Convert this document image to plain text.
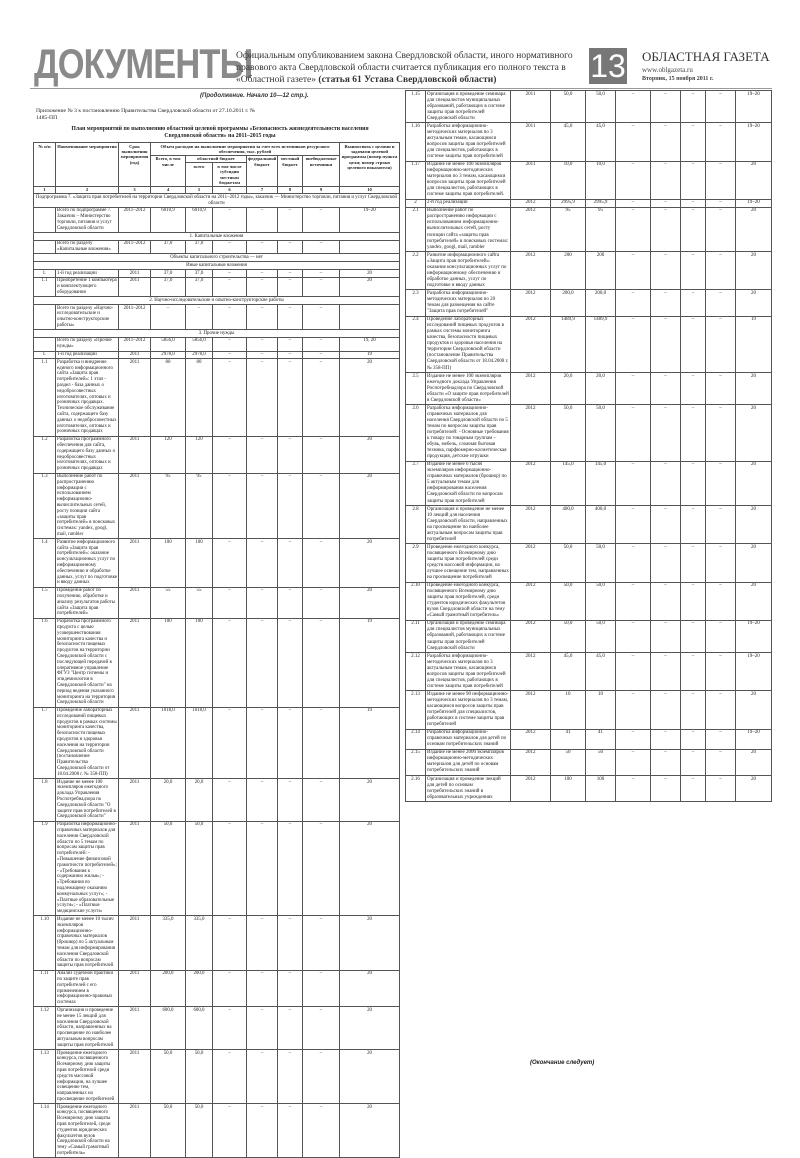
ДОКУМЕНТЫ
Официальным опубликованием закона Свердловской области, иного нормативного правового акта Свердловской области считается публикация его полного текста в «Областной газете» (статья 61 Устава Свердловской области)	13 ОБЛАСТНАЯ ГАЗЕТА
www.oblgazeta.ru
Вторник, 15 ноября 2011 г.
(Продолжение. Начало 10—12 стр.).
Приложение № 3 к постановлению Правительства Свердловской области от 27.10.2011 г. № 1485-ПП
План мероприятий по выполнению областной целевой программы «Безопасность жизнедеятельности населения Свердловской области» на 2011–2015 годы
№ п/п	Наименование мероприятия	Срок выполнения мероприятия (год)	Объем расходов на выполнение мероприятия за счет всех источников ресурсного обеспечения, тыс. рублей						Взаимосвязь с целями и задачами целевой программы (номер пункта цели; номер строки целевого показателя)
			Всего, в том числе	областной бюджет		федеральный бюджет	местный бюджет	внебюджетные источники	
				всего	в том числе субсидии местным бюджетам				
1	2	3	4	5	6	7	8	9	10
Подпрограмма 7. «Защита прав потребителей на территории Свердловской области на 2011–2012 годы», заказчик — Министерство торговли, питания и услуг Свердловской области									
	Всего по подпрограмме 7. Заказчик – Министерство торговли, питания и услуг Свердловской области	2011–2012	6010,9	6010,9	–	–	–	–	19–20
1. Капитальные вложения									
	Всего по разделу «Капитальные вложения»	2011–2012	37,0	37,0	–	–	–	–	
Объекты капитального строительства — нет									
Иные капитальные вложения									
1.	1-й год реализации	2011	37,0	37,0	–	–	–	–	20
1.1	Приобретение 1 компьютера и комплектующего оборудования	2011	37,0	37,0	–	–	–	–	20
2. Научно-исследовательские и опытно-конструкторские работы									
	Всего по разделу «Научно-исследовательские и опытно-конструкторские работы»	2011–2012	–	–	–	–	–	–	
3. Прочие нужды									
	Всего по разделу «Прочие нужды»	2011–2012	5856,0	5856,0	–	–	–	–	19, 20
1.	1-й год реализации	2011	2978,0	2978,0	–	–	–	–	19
1.1	Разработка и внедрение единого информационного сайта «Защита прав потребителей»: 1 этап - раздел - база данных о недобросовестных изготовителях, оптовых и розничных продавцах. Техническое обслуживание сайта, содержащего базу данных о недобросовестных изготовителях, оптовых и розничных продавцах	2011	80	80	–	–	–	–	20
1.2	Разработка программного обеспечения для сайта, содержащего базу данных о недобросовестных изготовителях, оптовых и розничных продавцах	2011	120	120	–	–	–	–	20
1.3	Выполнение работ по распространению информации с использованием информационно-вычислительных сетей, росту позиции сайта «защиты прав потребителей» в поисковых системах: yandex, googl, mail, rambler	2011	95	95	–	–	–	–	20
1.4	Развитие информационного сайта «Защита прав потребителей»: оказание консультационных услуг по информационному обеспечению и обработке данных, услуг по подготовке и вводу данных	2011	100	100	–	–	–	–	20
1.5	Проведение работ по получению, обработке и анализу результатов работы сайта «Защита прав потребителей»	2011	55	55	–	–	–	–	20
1.6	Разработка программного продукта с целью усовершенствования мониторинга качества и безопасности пищевых продуктов на территории Свердловской области с последующей передачей в оперативное управление ФГУЗ "Центр гигиены и эпидемиологии в Свердловской области" на период ведения указанного мониторинга на территории Свердловской области	2011	100	100	–	–	–	–	19
1.7	Проведение лабораторных исследований пищевых продуктов в рамках системы мониторинга качества, безопасности пищевых продуктов и здоровья населения на территории Свердловской области (постановление Правительства Свердловской области от 18.04.2008 г. № 358-ПП)	2011	1018,0	1018,0	–	–	–	–	19
1.8	Издание не менее 100 экземпляров ежегодного доклада Управления Роспотребнадзора по Свердловской области "О защите прав потребителей в Свердловской области"	2011	20,0	20,0	–	–	–	–	20
1.9	Разработка информационно-справочных материалов для населения Свердловской области по 5 темам по вопросам защиты прав потребителей: - «Повышение финансовой грамотности потребителей»; - «Требования к содержанию жилья»; - «Требования по надлежащему оказанию коммунальных услуг»; - «Платные образовательные услуги»; - «Платные медицинские услуги»	2011	50,0	50,0	–	–	–	–	20
1.10	Издание не менее 10 тысяч экземпляров информационно-справочных материалов (брошюр) по 5 актуальным темам для информирования населения Свердловской области по вопросам защиты прав потребителей	2011	335,0	335,0	–	–	–	–	20
1.11	Анализ судебной практики по защите прав потребителей с его применением в информационно-правовых системах	2011	200,0	200,0	–	–	–	–	20
1.12	Организация и проведение не менее 15 лекций для населения Свердловской области, направленных на просвещение по наиболее актуальным вопросам защиты прав потребителей	2011	600,0	600,0	–	–	–	–	20
1.13	Проведение ежегодного конкурса, посвященного Всемирному дню защиты прав потребителей среди средств массовой информации, на лучшее освещение тем, направленных на просвещение потребителей	2011	50,0	50,0	–	–	–	–	20
1.14	Проведение ежегодного конкурса, посвященного Всемирному дню защиты прав потребителей, среди студентов юридических факультетов вузов Свердловской области на тему «Самый грамотный потребитель»	2011	50,0	50,0	–	–	–	–	20
1.15	Организация и проведение семинара для специалистов муниципальных образований, работающих в системе защиты прав потребителей Свердловской области	2011	50,0	50,0	–	–	–	–	19–20
1.16	Разработка информационно-методических материалов по 3 актуальным темам, касающимся вопросов защиты прав потребителей для специалистов, работающих в системе защиты прав потребителей	2011	45,0	45,0	–	–	–	–	19–20
1.17	Издание не менее 100 экземпляров информационно-методических материалов по 3 темам, касающимся вопросов защиты прав потребителей для специалистов, работающих в системе защиты прав потребителей.	2011	10,0	10,0	–	–	–	–	20
2	2-й год реализации	2012	2995,9	2995,9	–	–	–	–	19–20
2.1	Выполнение работ по распространению информации с использованием информационно-вычислительных сетей, росту позиции сайта «защиты прав потребителей» в поисковых системах: yandex, googl, mail, rambler	2012	95	95	–	–	–	–	20
2.2	Развитие информационного сайта «Защита прав потребителей»: оказание консультационных услуг по информационному обеспечению и обработке данных, услуг по подготовке и вводу данных	2012	200	200	–	–	–	–	20
2.3	Разработка информационно-методических материалов по 20 темам для размещения на сайте "Защита прав потребителей"	2012	200,0	200,0	–	–	–	–	20
2.4	Проведение лабораторных исследований пищевых продуктов в рамках системы мониторинга качества, безопасности пищевых продуктов и здоровья населения на территории Свердловской области (постановление Правительства Свердловской области от 18.04.2008 г. № 358-ПП)	2012	1489,9	1489,9	–	–	–	–	19
2.5	Издание не менее 100 экземпляров ежегодного доклада Управления Роспотребнадзора по Свердловской области «О защите прав потребителей в Свердловской области»	2012	20,0	20,0	–	–	–	–	20
2.6	Разработка информационно-справочных материалов для населения Свердловской области по 5 темам по вопросам защиты прав потребителей: - Основные требования к товару по товарным группам – обувь, мебель, сложная бытовая техника, парфюмерно-косметическая продукция, детские игрушки	2012	50,0	50,0	–	–	–	–	20
2.7	Издание не менее 6 тысяч экземпляров информационно-справочных материалов (брошюр) по 5 актуальным темам для информирования населения Свердловской области по вопросам защиты прав потребителей	2012	145,0	145,0	–	–	–	–	20
2.8	Организация и проведение не менее 10 лекций для населения Свердловской области, направленных на просвещение по наиболее актуальным вопросам защиты прав потребителей	2012	400,0	400,0	–	–	–	–	20
2.9	Проведение ежегодного конкурса, посвященного Всемирному дню защиты прав потребителей среди средств массовой информации, на лучшее освещение тем, направленных на просвещение потребителей	2012	50,0	50,0	–	–	–	–	20
2.10	Проведение ежегодного конкурса, посвященного Всемирному дню защиты прав потребителей, среди студентов юридических факультетов вузов Свердловской области на тему «Самый грамотный потребитель»	2012	50,0	50,0	–	–	–	–	20
2.11	Организация и проведение семинара для специалистов муниципальных образований, работающих в системе защиты прав потребителей Свердловской области	2012	50,0	50,0	–	–	–	–	19–20
2.12	Разработка информационно-методических материалов по 3 актуальным темам, касающимся вопросов защиты прав потребителей для специалистов, работающих в системе защиты прав потребителей	2012	45,0	45,0	–	–	–	–	19–20
2.13	Издание не менее 90 информационно-методических материалов по 3 темам, касающимся вопросов защиты прав потребителей для специалистов, работающих в системе защиты прав потребителей	2012	10	10	–	–	–	–	20
2.14	Разработка информационно-справочных материалов для детей по основам потребительских знаний	2012	41	41	–	–	–	–	19–20
2.15	Издание не менее 2000 экземпляров информационно-методических материалов для детей по основам потребительских знаний	2012	50	50	–	–	–	–	20
2.16	Организация и проведение лекций для детей по основам потребительских знаний в образовательных учреждениях	2012	100	100	–	–	–	–	20
(Окончание следует)
